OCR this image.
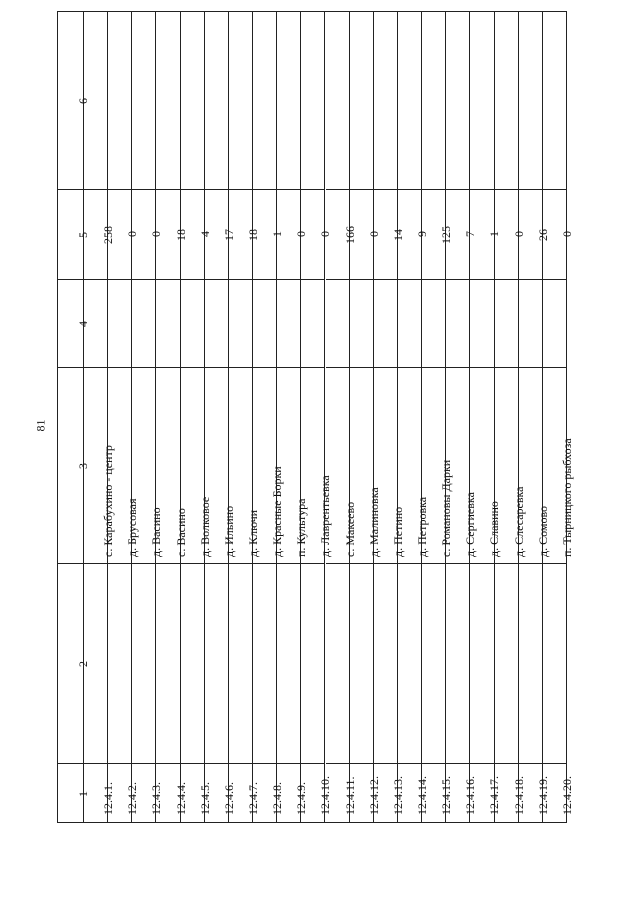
81
6
5
4
3
2
1 12.4.1.
с. Карабухино - центр
258
12.4.2.
д. Брусовая
0
12.4.3.
д. Васино
0
12.4.4.
с. Васино
18
12.4.5.
д. Волковое
4
12.4.6.
д. Ильино
17
12.4.7.
д. Ключи
18
12.4.8.
д. Красные Борки
1
12.4.9.
п. Культура
0
12.4.10.
д. Лаврентьевка
0
12.4.11.
с. Макеево
166
12.4.12.
д. Малиновка
0
12.4.13.
д. Петино
14
12.4.14.
д. Петровка
9
12.4.15.
с. Романовы Дарки
125
12.4.16.
д. Сергиевка
7
12.4.17.
д. Славино
1
12.4.18.
д. Слесаревка
0
12.4.19.
д. Сомово
26
12.4.20.
п. Тырницкого рыбхоза
0
